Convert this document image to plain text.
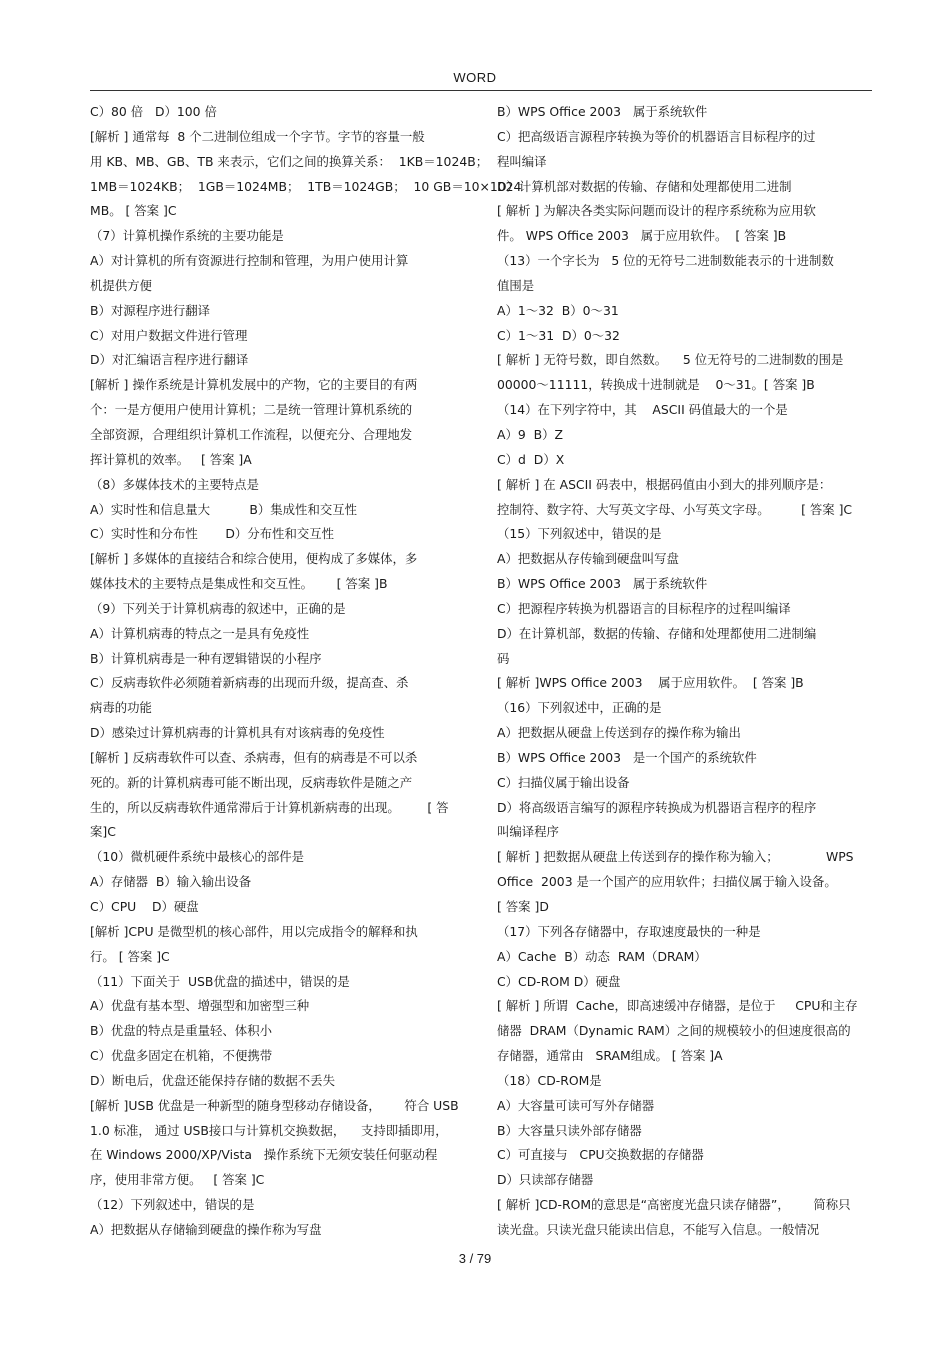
WORD
C）80 倍   D）100 倍
[解析 ] 通常每  8 个二进制位组成一个字节。字节的容量一般
用 KB、MB、GB、TB 来表示，它们之间的换算关系：  1KB＝1024B；
1MB＝1024KB；  1GB＝1024MB；  1TB＝1024GB；  10 GB＝10×1024
MB。 [ 答案 ]C
（7）计算机操作系统的主要功能是
A）对计算机的所有资源进行控制和管理，为用户使用计算
机提供方便
B）对源程序进行翻译
C）对用户数据文件进行管理
D）对汇编语言程序进行翻译
[解析 ] 操作系统是计算机发展中的产物，它的主要目的有两
个：一是方便用户使用计算机；二是统一管理计算机系统的
全部资源，合理组织计算机工作流程，以便充分、合理地发
挥计算机的效率。   [ 答案 ]A
（8）多媒体技术的主要特点是
A）实时性和信息量大          B）集成性和交互性
C）实时性和分布性       D）分布性和交互性
[解析 ] 多媒体的直接结合和综合使用，便构成了多媒体，多
媒体技术的主要特点是集成性和交互性。      [ 答案 ]B
（9）下列关于计算机病毒的叙述中，正确的是
A）计算机病毒的特点之一是具有免疫性
B）计算机病毒是一种有逻辑错误的小程序
C）反病毒软件必须随着新病毒的出现而升级，提高查、杀
病毒的功能
D）感染过计算机病毒的计算机具有对该病毒的免疫性
[解析 ] 反病毒软件可以查、杀病毒，但有的病毒是不可以杀
死的。新的计算机病毒可能不断出现，反病毒软件是随之产
生的，所以反病毒软件通常滞后于计算机新病毒的出现。       [ 答
案]C
（10）微机硬件系统中最核心的部件是
A）存储器  B）输入输出设备
C）CPU    D）硬盘
[解析 ]CPU 是微型机的核心部件，用以完成指令的解释和执
行。 [ 答案 ]C
（11）下面关于  USB优盘的描述中，错误的是
A）优盘有基本型、增强型和加密型三种
B）优盘的特点是重量轻、体积小
C）优盘多固定在机箱，不便携带
D）断电后，优盘还能保持存储的数据不丢失
[解析 ]USB 优盘是一种新型的随身型移动存储设备，      符合 USB
1.0 标准， 通过 USB接口与计算机交换数据，    支持即插即用，
在 Windows 2000/XP/Vista   操作系统下无须安装任何驱动程
序，使用非常方便。   [ 答案 ]C
（12）下列叙述中，错误的是
A）把数据从存储输到硬盘的操作称为写盘
B）WPS Office 2003   属于系统软件
C）把高级语言源程序转换为等价的机器语言目标程序的过
程叫编译
D）计算机部对数据的传输、存储和处理都使用二进制
[ 解析 ] 为解决各类实际问题而设计的程序系统称为应用软
件。 WPS Office 2003   属于应用软件。  [ 答案 ]B
（13）一个字长为   5 位的无符号二进制数能表示的十进制数
值围是
A）1～32  B）0～31
C）1～31  D）0～32
[ 解析 ] 无符号数，即自然数。    5 位无符号的二进制数的围是
00000～11111，转换成十进制就是    0～31。[ 答案 ]B
（14）在下列字符中，其    ASCII 码值最大的一个是
A）9  B）Z
C）d  D）X
[ 解析 ] 在 ASCII 码表中，根据码值由小到大的排列顺序是：
控制符、数字符、大写英文字母、小写英文字母。        [ 答案 ]C
（15）下列叙述中，错误的是
A）把数据从存传输到硬盘叫写盘
B）WPS Office 2003   属于系统软件
C）把源程序转换为机器语言的目标程序的过程叫编译
D）在计算机部，数据的传输、存储和处理都使用二进制编
码
[ 解析 ]WPS Office 2003    属于应用软件。  [ 答案 ]B
（16）下列叙述中，正确的是
A）把数据从硬盘上传送到存的操作称为输出
B）WPS Office 2003   是一个国产的系统软件
C）扫描仪属于输出设备
D）将高级语言编写的源程序转换成为机器语言程序的程序
叫编译程序
[ 解析 ] 把数据从硬盘上传送到存的操作称为输入；            WPS
Office  2003 是一个国产的应用软件；扫描仪属于输入设备。
[ 答案 ]D
（17）下列各存储器中，存取速度最快的一种是
A）Cache  B）动态  RAM（DRAM）
C）CD-ROM D）硬盘
[ 解析 ] 所谓  Cache，即高速缓冲存储器，是位于     CPU和主存
储器  DRAM（Dynamic RAM）之间的规模较小的但速度很高的
存储器，通常由   SRAM组成。 [ 答案 ]A
（18）CD-ROM是
A）大容量可读可写外存储器
B）大容量只读外部存储器
C）可直接与   CPU交换数据的存储器
D）只读部存储器
[ 解析 ]CD-ROM的意思是“高密度光盘只读存储器”，      简称只
读光盘。只读光盘只能读出信息，不能写入信息。一般情况
3 / 79
